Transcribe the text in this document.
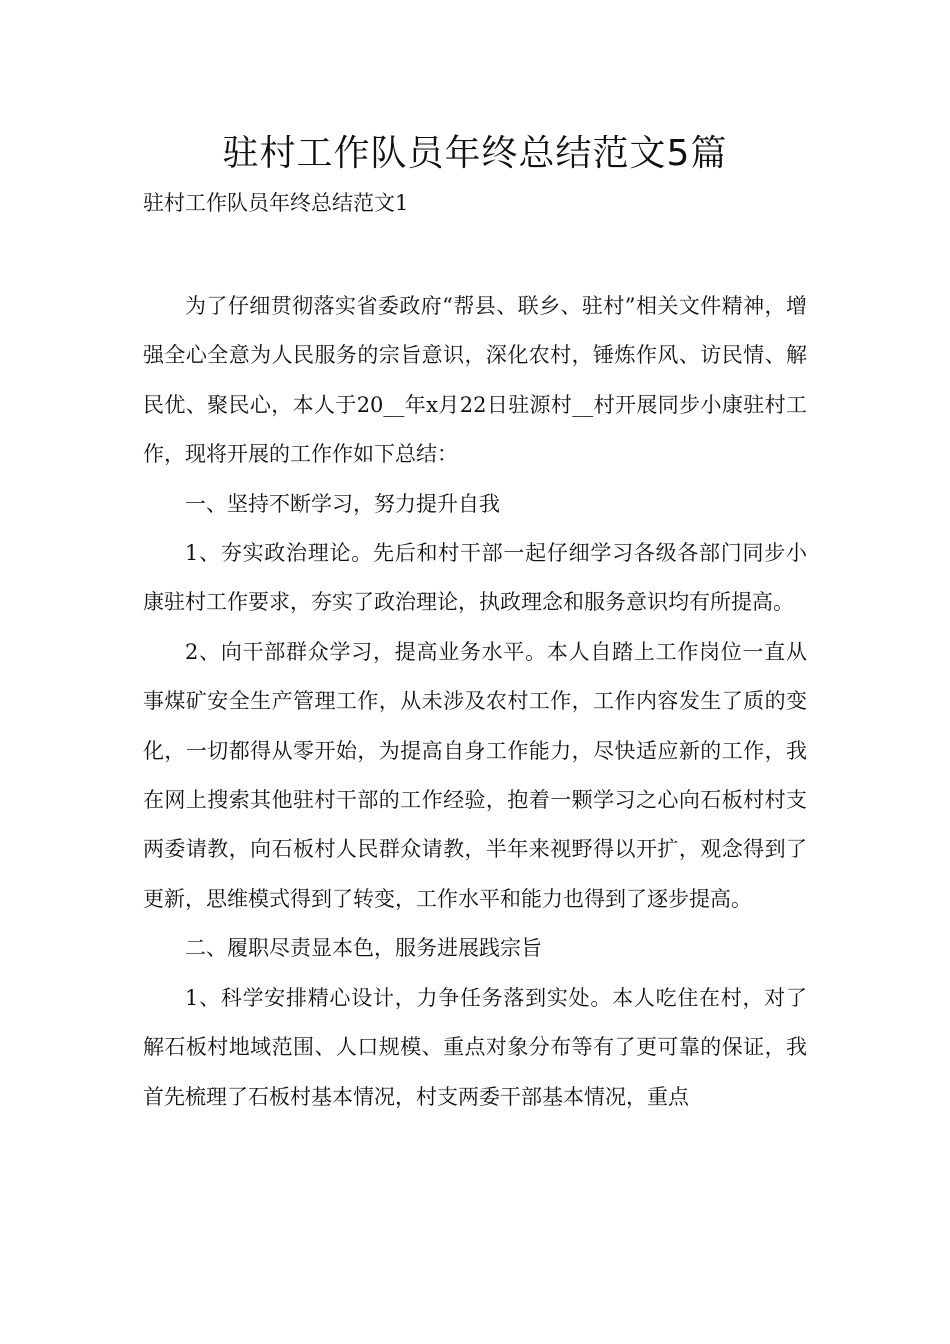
驻村工作队员年终总结范文5篇

驻村工作队员年终总结范文1

为了仔细贯彻落实省委政府“帮县、联乡、驻村”相关文件精神，增强全心全意为人民服务的宗旨意识，深化农村，锤炼作风、访民情、解民优、聚民心，本人于20__年x月22日驻源村__村开展同步小康驻村工作，现将开展的工作作如下总结：

一、坚持不断学习，努力提升自我

1、夯实政治理论。先后和村干部一起仔细学习各级各部门同步小康驻村工作要求，夯实了政治理论，执政理念和服务意识均有所提高。

2、向干部群众学习，提高业务水平。本人自踏上工作岗位一直从事煤矿安全生产管理工作，从未涉及农村工作，工作内容发生了质的变化，一切都得从零开始，为提高自身工作能力，尽快适应新的工作，我在网上搜索其他驻村干部的工作经验，抱着一颗学习之心向石板村村支两委请教，向石板村人民群众请教，半年来视野得以开扩，观念得到了更新，思维模式得到了转变，工作水平和能力也得到了逐步提高。

二、履职尽责显本色，服务进展践宗旨

1、科学安排精心设计，力争任务落到实处。本人吃住在村，对了解石板村地域范围、人口规模、重点对象分布等有了更可靠的保证，我首先梳理了石板村基本情况，村支两委干部基本情况，重点
